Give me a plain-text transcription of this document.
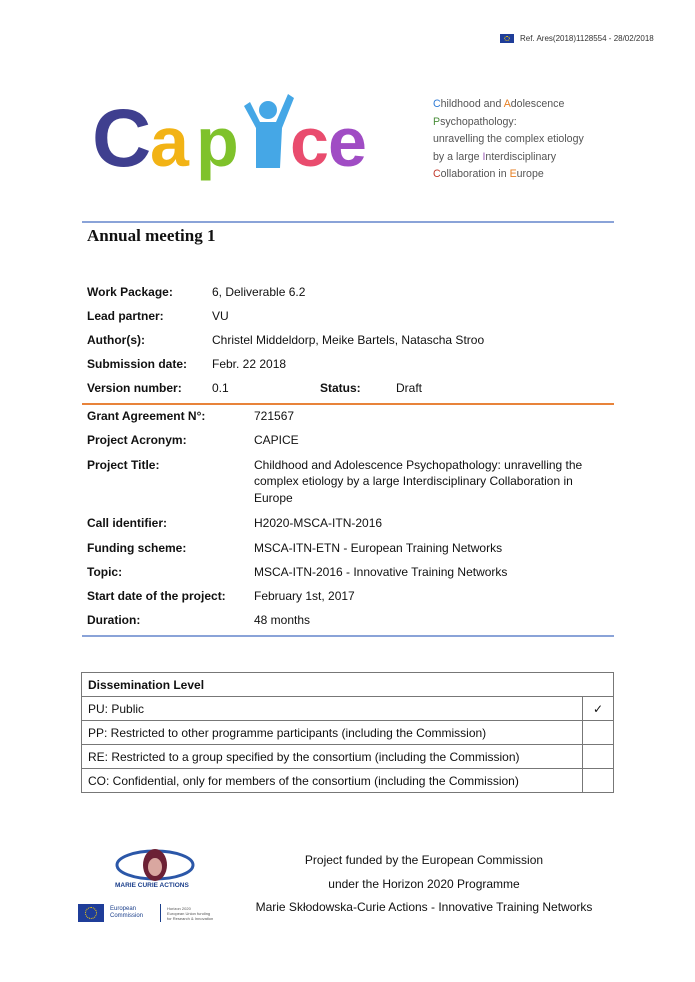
Ref. Ares(2018)1128554 - 28/02/2018
C
a p c e	Childhood and Adolescence
Psychopathology:
unravelling the complex etiology
by a large Interdisciplinary
Collaboration in Europe
Annual meeting 1
Work Package:	6, Deliverable 6.2
Lead partner:	VU
Author(s):	Christel Middeldorp, Meike Bartels, Natascha Stroo
Submission date: Febr. 22 2018
Version number:	0.1	Status:	Draft
Grant Agreement N°:	721567
Project Acronym:	CAPICE
Project Title:	Childhood and Adolescence Psychopathology: unravelling the
complex etiology by a large Interdisciplinary Collaboration in
Europe
Call identifier:	H2020-MSCA-ITN-2016
Funding scheme:	MSCA-ITN-ETN - European Training Networks
Topic:	MSCA-ITN-2016 - Innovative Training Networks
Start date of the project: February 1st, 2017
Duration:	48 months
Dissemination Level	
PU: Public	✓
PP: Restricted to other programme participants (including the Commission)	
RE: Restricted to a group specified by the consortium (including the Commission)	
CO: Confidential, only for members of the consortium (including the Commission)	
MARIE CURIE ACTIONS
European
Commission
Horizon 2020
European Union funding
for Research & Innovation
Project funded by the European Commission
under the Horizon 2020 Programme
Marie Skłodowska-Curie Actions - Innovative Training Networks
